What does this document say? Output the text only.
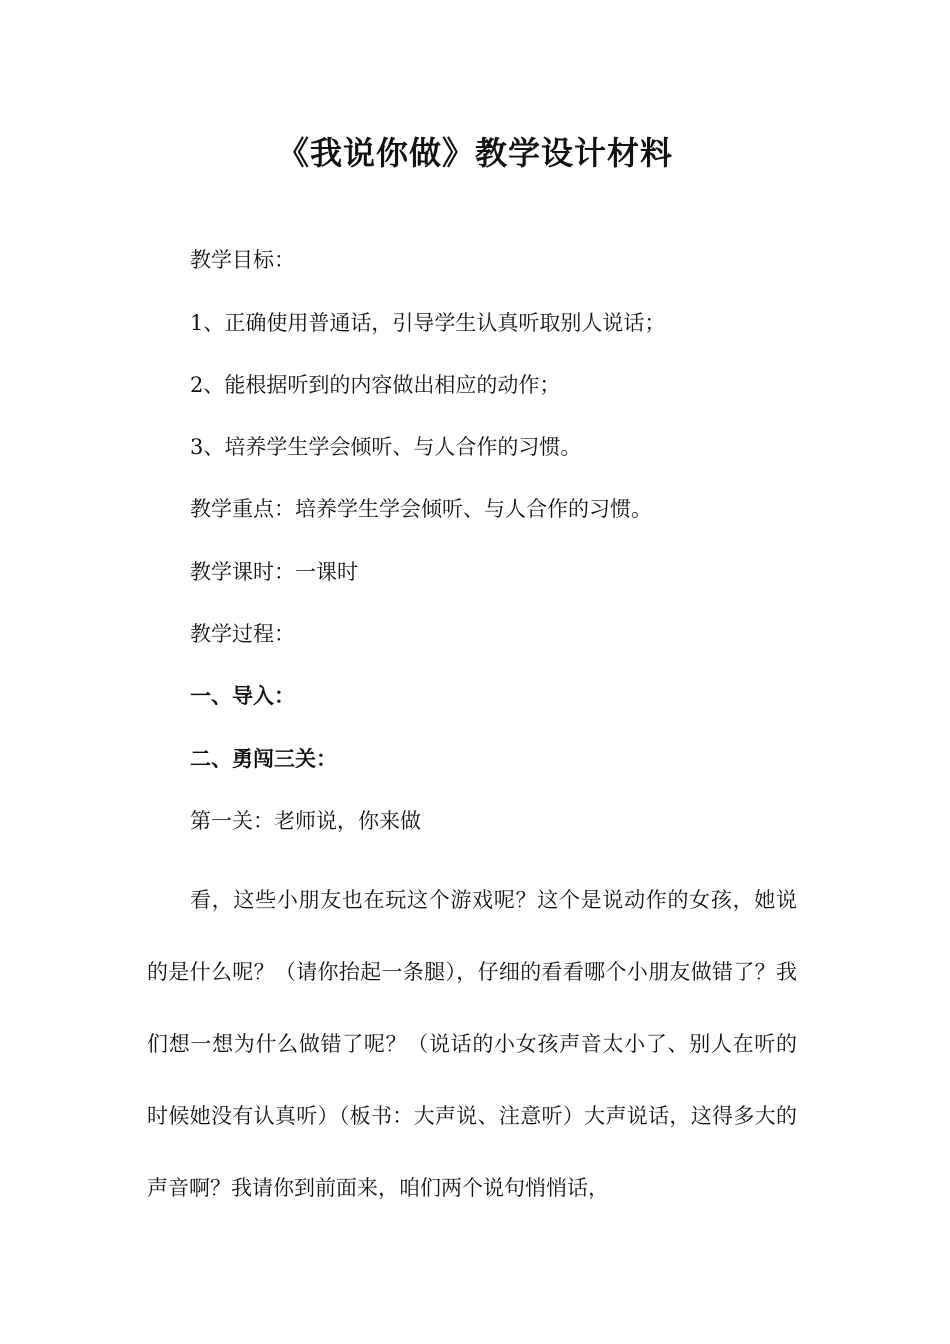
《我说你做》教学设计材料

教学目标：

1、正确使用普通话，引导学生认真听取别人说话；

2、能根据听到的内容做出相应的动作；

3、培养学生学会倾听、与人合作的习惯。

教学重点：培养学生学会倾听、与人合作的习惯。

教学课时：一课时

教学过程：

一、导入：

二、勇闯三关：

第一关：老师说，你来做

看，这些小朋友也在玩这个游戏呢？这个是说动作的女孩，她说的是什么呢？（请你抬起一条腿），仔细的看看哪个小朋友做错了？我们想一想为什么做错了呢？（说话的小女孩声音太小了、别人在听的时候她没有认真听）（板书：大声说、注意听）大声说话，这得多大的声音啊？我请你到前面来，咱们两个说句悄悄话，
